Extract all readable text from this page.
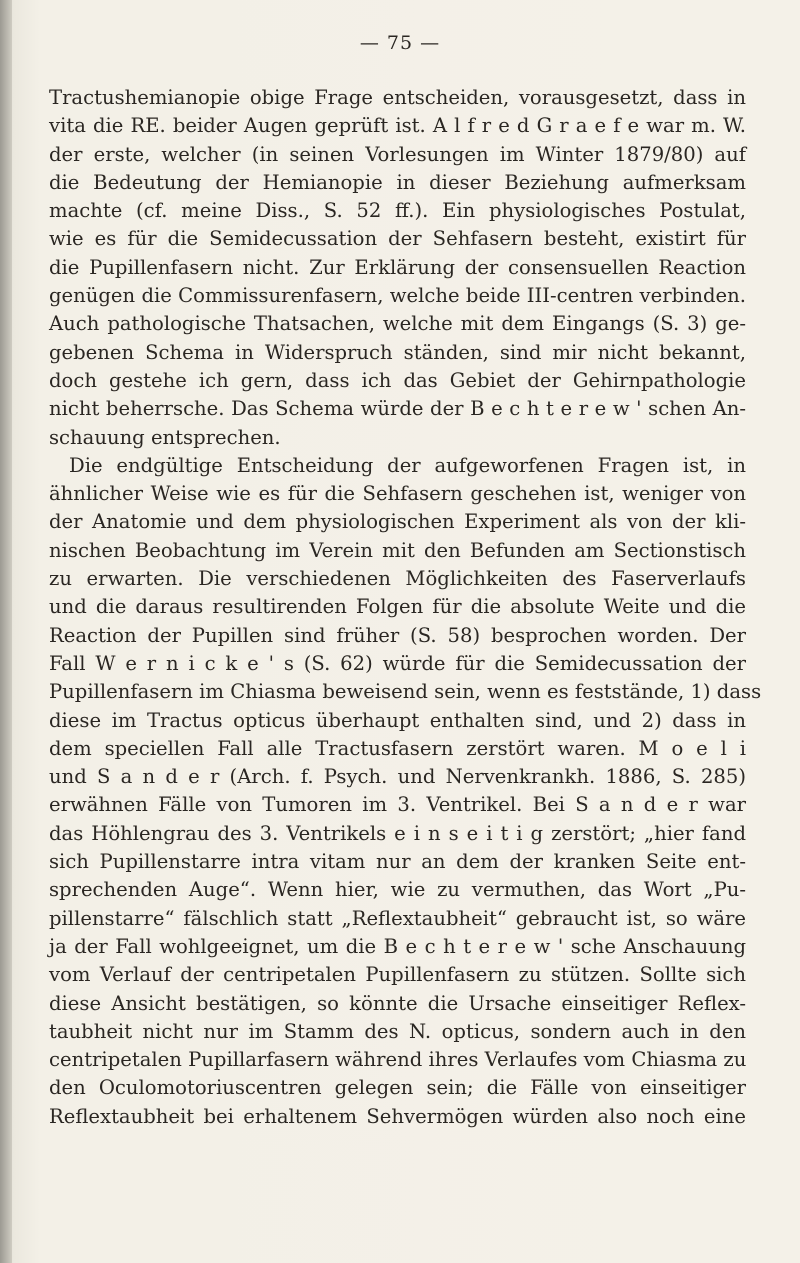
— 75 —
Tractushemianopie obige Frage entscheiden, vorausgesetzt, dass in
vita die RE. beider Augen geprüft ist. A l f r e d G r a e f e war m. W.
der erste, welcher (in seinen Vorlesungen im Winter 1879/80) auf
die Bedeutung der Hemianopie in dieser Beziehung aufmerksam
machte (cf. meine Diss., S. 52 ff.). Ein physiologisches Postulat,
wie es für die Semidecussation der Sehfasern besteht, existirt für
die Pupillenfasern nicht. Zur Erklärung der consensuellen Reaction
genügen die Commissurenfasern, welche beide III-centren verbinden.
Auch pathologische Thatsachen, welche mit dem Eingangs (S. 3) ge-
gebenen Schema in Widerspruch ständen, sind mir nicht bekannt,
doch gestehe ich gern, dass ich das Gebiet der Gehirnpathologie
nicht beherrsche. Das Schema würde der B e c h t e r e w ' schen An-
schauung entsprechen.
Die endgültige Entscheidung der aufgeworfenen Fragen ist, in
ähnlicher Weise wie es für die Sehfasern geschehen ist, weniger von
der Anatomie und dem physiologischen Experiment als von der kli-
nischen Beobachtung im Verein mit den Befunden am Sectionstisch
zu erwarten. Die verschiedenen Möglichkeiten des Faserverlaufs
und die daraus resultirenden Folgen für die absolute Weite und die
Reaction der Pupillen sind früher (S. 58) besprochen worden. Der
Fall W e r n i c k e ' s (S. 62) würde für die Semidecussation der
Pupillenfasern im Chiasma beweisend sein, wenn es feststände, 1) dass
diese im Tractus opticus überhaupt enthalten sind, und 2) dass in
dem speciellen Fall alle Tractusfasern zerstört waren. M o e l i
und S a n d e r (Arch. f. Psych. und Nervenkrankh. 1886, S. 285)
erwähnen Fälle von Tumoren im 3. Ventrikel. Bei S a n d e r war
das Höhlengrau des 3. Ventrikels e i n s e i t i g zerstört; „hier fand
sich Pupillenstarre intra vitam nur an dem der kranken Seite ent-
sprechenden Auge“. Wenn hier, wie zu vermuthen, das Wort „Pu-
pillenstarre“ fälschlich statt „Reflextaubheit“ gebraucht ist, so wäre
ja der Fall wohlgeeignet, um die B e c h t e r e w ' sche Anschauung
vom Verlauf der centripetalen Pupillenfasern zu stützen. Sollte sich
diese Ansicht bestätigen, so könnte die Ursache einseitiger Reflex-
taubheit nicht nur im Stamm des N. opticus, sondern auch in den
centripetalen Pupillarfasern während ihres Verlaufes vom Chiasma zu
den Oculomotoriuscentren gelegen sein; die Fälle von einseitiger
Reflextaubheit bei erhaltenem Sehvermögen würden also noch eine
